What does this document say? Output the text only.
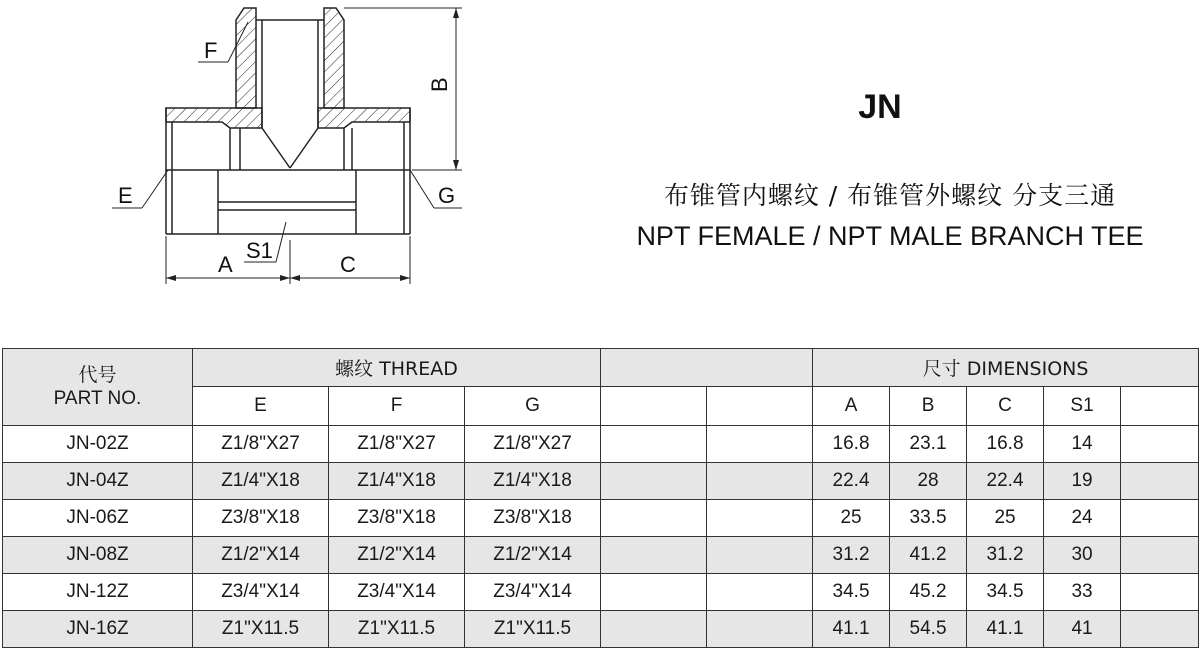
F
B
E	G
A
S1
C
JN
布锥管内螺纹 / 布锥管外螺纹 分支三通
NPT FEMALE / NPT MALE BRANCH TEE
代号
PART NO.	螺纹 THREAD					尺寸 DIMENSIONS				
	E	F	G			A	B	C	S1	
JN-02Z	Z1/8"X27	Z1/8"X27	Z1/8"X27			16.8	23.1	16.8	14	
JN-04Z	Z1/4"X18	Z1/4"X18	Z1/4"X18			22.4	28	22.4	19	
JN-06Z	Z3/8"X18	Z3/8"X18	Z3/8"X18			25	33.5	25	24	
JN-08Z	Z1/2"X14	Z1/2"X14	Z1/2"X14			31.2	41.2	31.2	30	
JN-12Z	Z3/4"X14	Z3/4"X14	Z3/4"X14			34.5	45.2	34.5	33	
JN-16Z	Z1"X11.5	Z1"X11.5	Z1"X11.5			41.1	54.5	41.1	41	
